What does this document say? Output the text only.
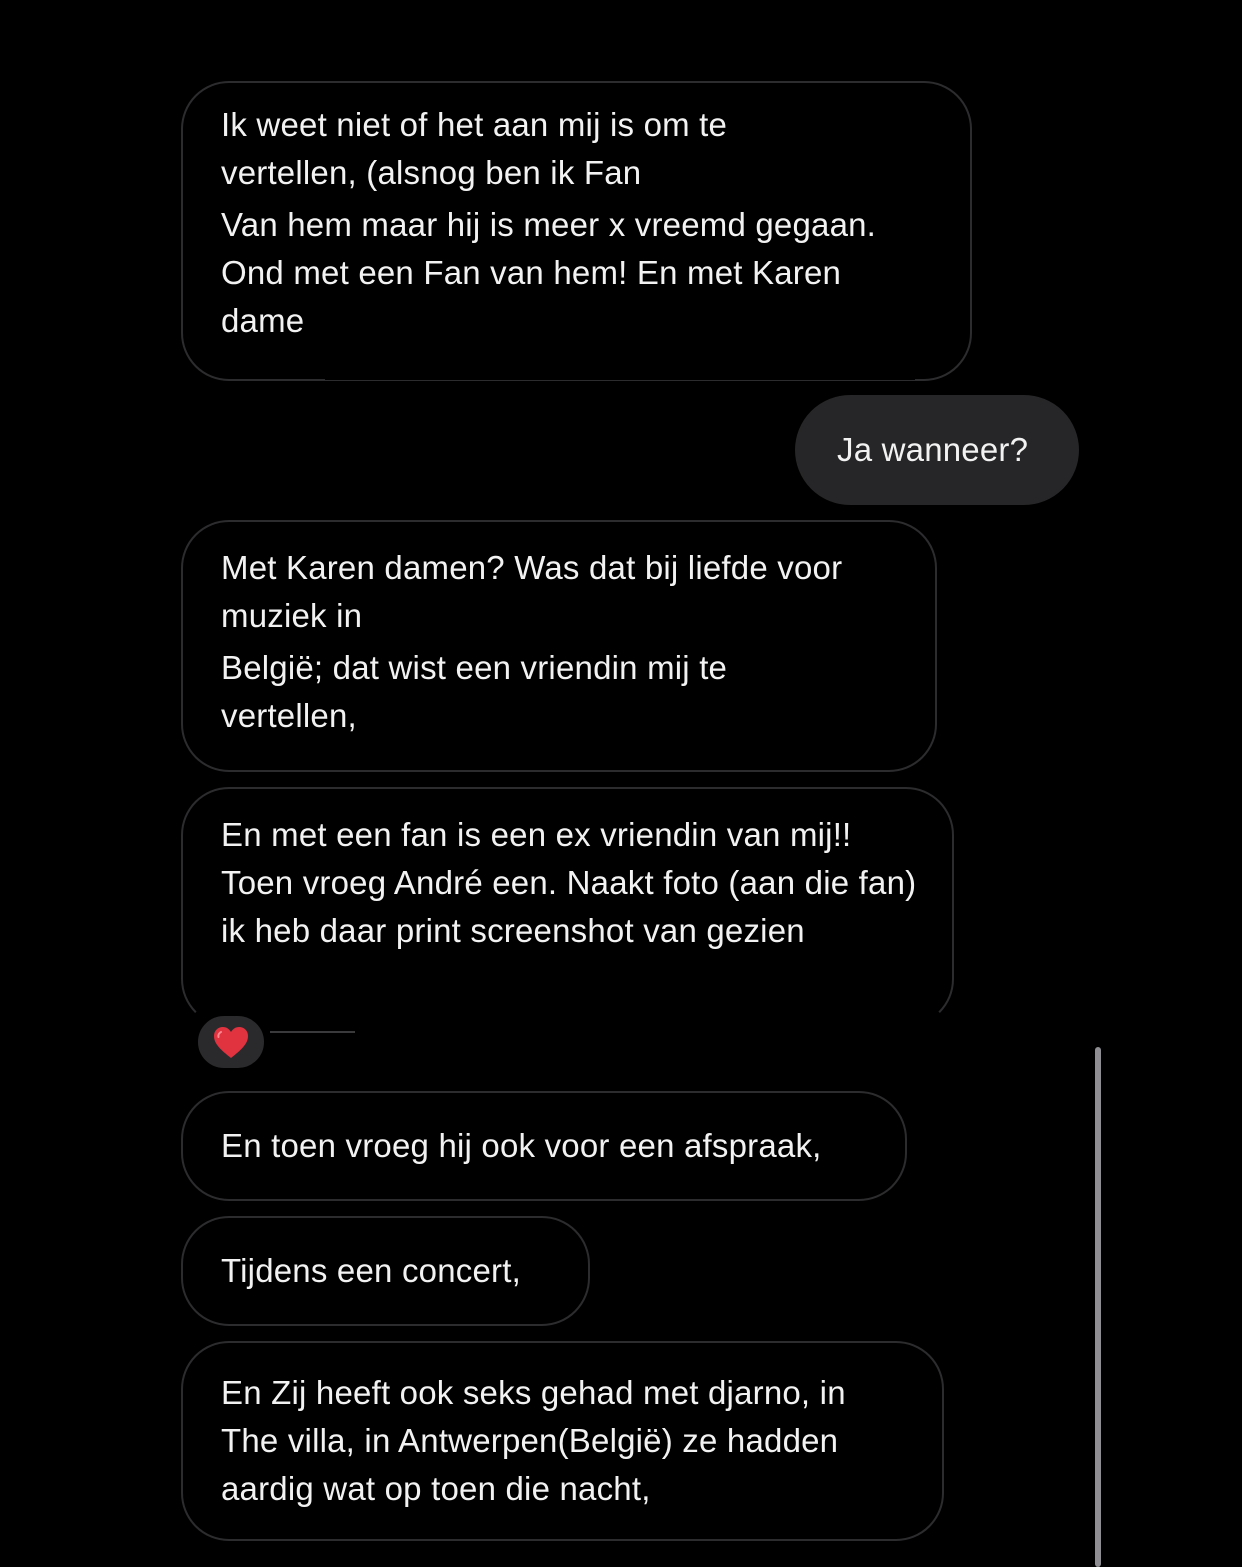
Ik weet niet of het aan mij is om te vertellen, (alsnog ben ik Fan
Van hem maar hij is meer x vreemd gegaan. Ond met een Fan van hem! En met Karen dame
Ja wanneer?
Met Karen damen? Was dat bij liefde voor muziek in
België; dat wist een vriendin mij te vertellen,
En met een fan is een ex vriendin van mij!! Toen vroeg André een. Naakt foto (aan die fan) ik heb daar print screenshot van gezien
En toen vroeg hij ook voor een afspraak,
Tijdens een concert,
En Zij heeft ook seks gehad met djarno, in The villa, in Antwerpen(België) ze hadden aardig wat op toen die nacht,
